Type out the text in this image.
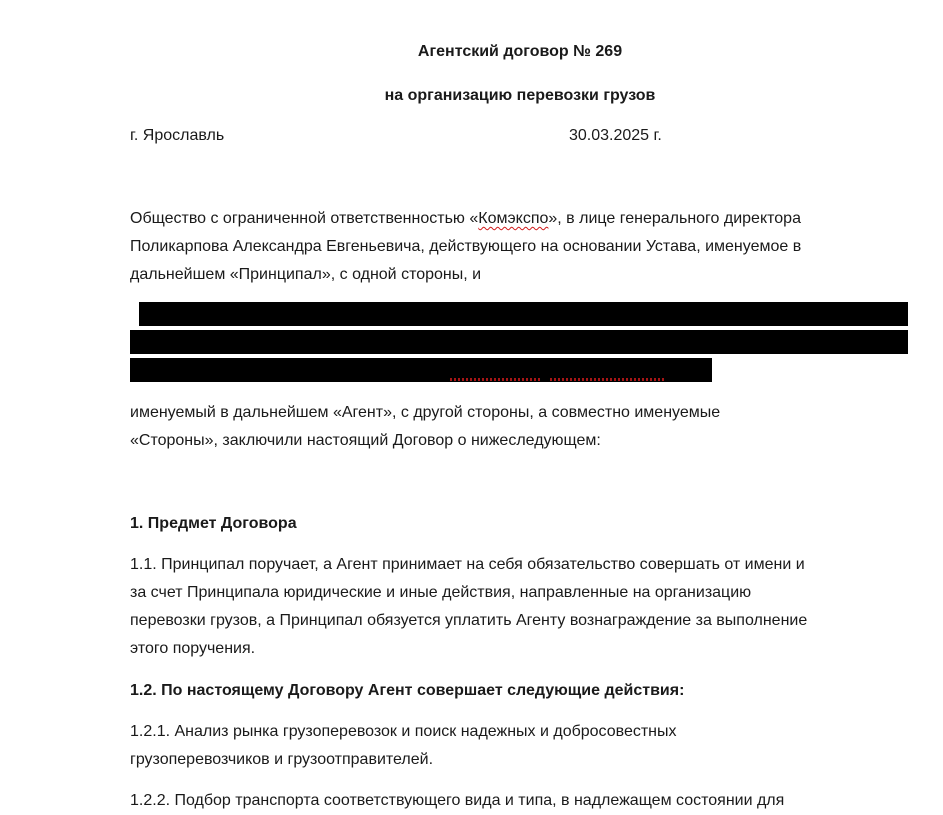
Агентский договор № 269
на организацию перевозки грузов
г. Ярославль	30.03.2025 г.

Общество с ограниченной ответственностью «Комэкспо», в лице генерального директора
Поликарпова Александра Евгеньевича, действующего на основании Устава, именуемое в
дальнейшем «Принципал», с одной стороны, и

именуемый в дальнейшем «Агент», с другой стороны, а совместно именуемые
«Стороны», заключили настоящий Договор о нижеследующем:

1. Предмет Договора

1.1. Принципал поручает, а Агент принимает на себя обязательство совершать от имени и
за счет Принципала юридические и иные действия, направленные на организацию
перевозки грузов, а Принципал обязуется уплатить Агенту вознаграждение за выполнение
этого поручения.

1.2. По настоящему Договору Агент совершает следующие действия:

1.2.1. Анализ рынка грузоперевозок и поиск надежных и добросовестных
грузоперевозчиков и грузоотправителей.

1.2.2. Подбор транспорта соответствующего вида и типа, в надлежащем состоянии для
